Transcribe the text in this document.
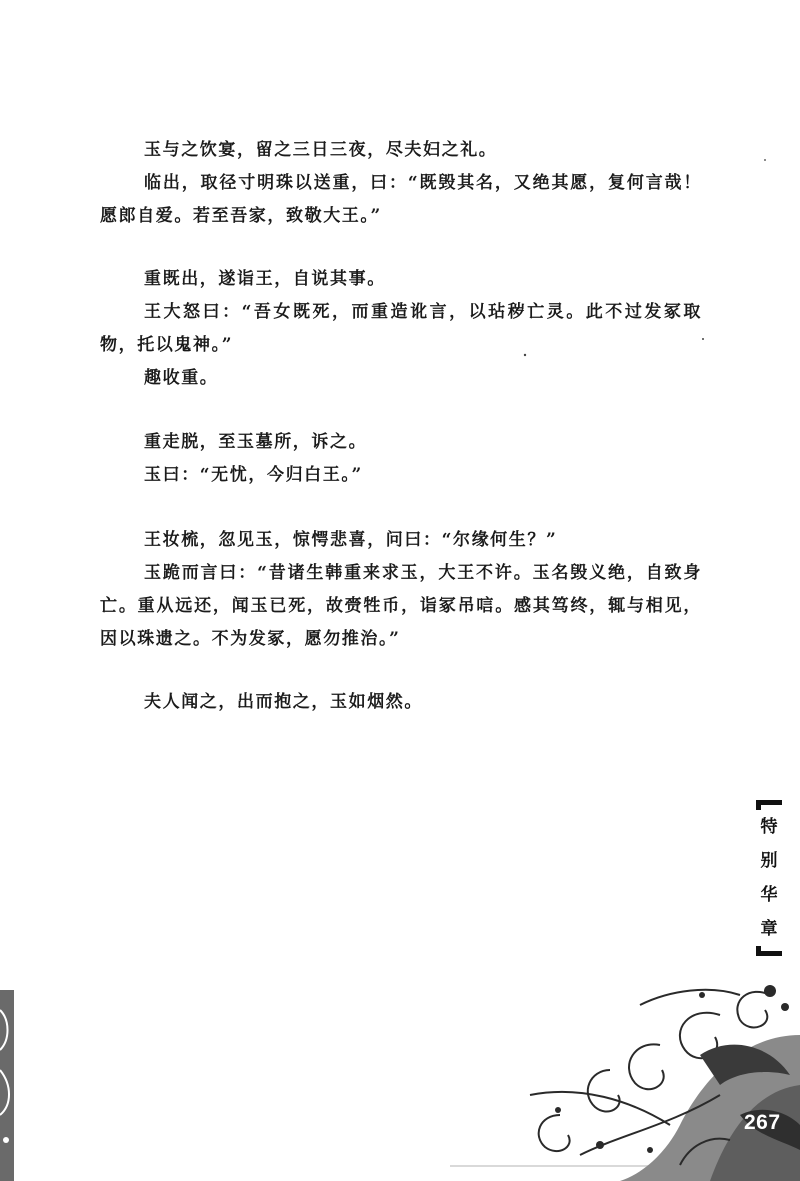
玉与之饮宴，留之三日三夜，尽夫妇之礼。

临出，取径寸明珠以送重，曰：“既毁其名，又绝其愿，复何言哉！愿郎自爱。若至吾家，致敬大王。”

重既出，遂诣王，自说其事。

王大怒曰：“吾女既死，而重造讹言，以玷秽亡灵。此不过发冢取物，托以鬼神。”

趣收重。

重走脱，至玉墓所，诉之。

玉曰：“无忧，今归白王。”

王妆梳，忽见玉，惊愕悲喜，问曰：“尔缘何生？”

玉跪而言曰：“昔诸生韩重来求玉，大王不许。玉名毁义绝，自致身亡。重从远还，闻玉已死，故赍牲币，诣冢吊唁。感其笃终，辄与相见，因以珠遗之。不为发冢，愿勿推治。”

夫人闻之，出而抱之，玉如烟然。

特
别
华
章
267
